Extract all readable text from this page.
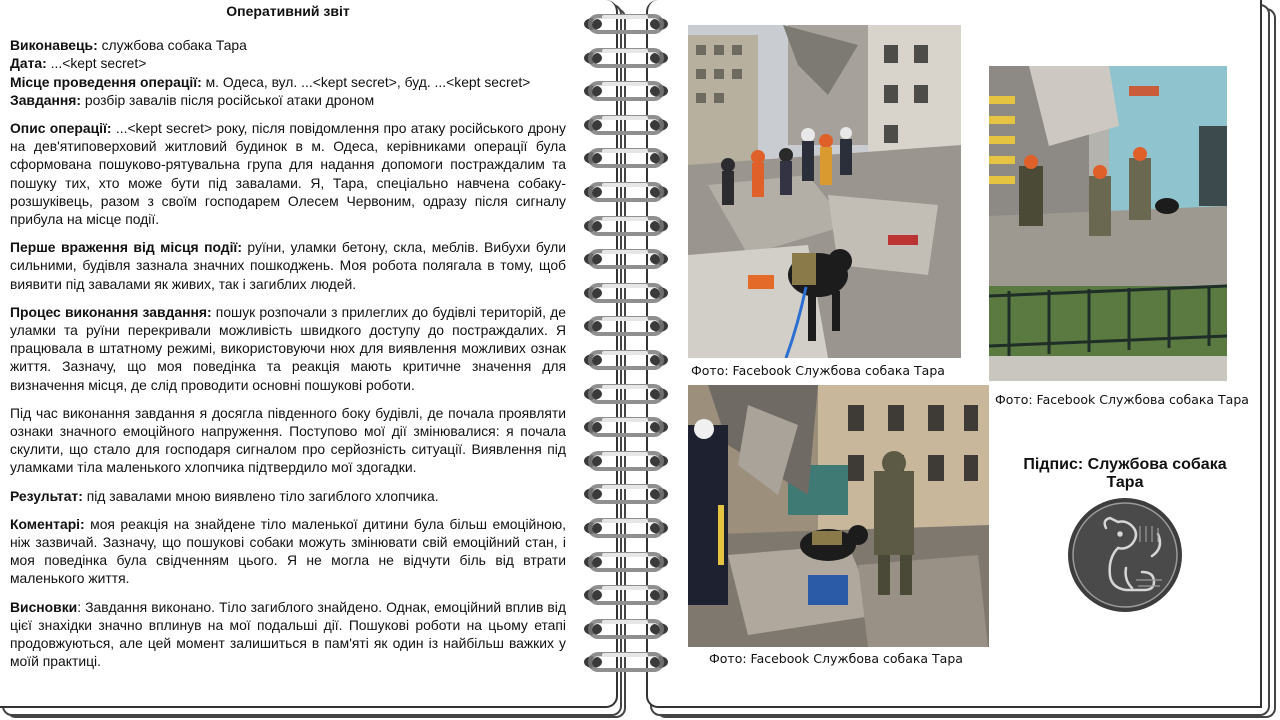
Оперативний звіт

Виконавець: службова собака Тара

Дата: ...<kept secret>

Місце проведення операції: м. Одеса, вул. ...<kept secret>, буд. ...<kept secret>

Завдання: розбір завалів після російської атаки дроном

Опис операції: ...<kept secret> року, після повідомлення про атаку російського дрону на дев'ятиповерховий житловий будинок в м. Одеса, керівниками операції була сформована пошуково-рятувальна група для надання допомоги постраждалим та пошуку тих, хто може бути під завалами. Я, Тара, спеціально навчена собаку-розшуківець, разом з своїм господарем Олесем Червоним, одразу після сигналу прибула на місце події.

Перше враження від місця події: руїни, уламки бетону, скла, меблів. Вибухи були сильними, будівля зазнала значних пошкоджень. Моя робота полягала в тому, щоб виявити під завалами як живих, так і загиблих людей.

Процес виконання завдання: пошук розпочали з прилеглих до будівлі територій, де уламки та руїни перекривали можливість швидкого доступу до постраждалих. Я працювала в штатному режимі, використовуючи нюх для виявлення можливих ознак життя. Зазначу, що моя поведінка та реакція мають критичне значення для визначення місця, де слід проводити основні пошукові роботи.

Під час виконання завдання я досягла південного боку будівлі, де почала проявляти ознаки значного емоційного напруження. Поступово мої дії змінювалися: я почала скулити, що стало для господаря сигналом про серйозність ситуації. Виявлення під уламками тіла маленького хлопчика підтвердило мої здогадки.

Результат: під завалами мною виявлено тіло загиблого хлопчика.

Коментарі: моя реакція на знайдене тіло маленької дитини була більш емоційною, ніж зазвичай. Зазначу, що пошукові собаки можуть змінювати свій емоційний стан, і моя поведінка була свідченням цього. Я не могла не відчути біль від втрати маленького життя.

Висновки: Завдання виконано. Тіло загиблого знайдено. Однак, емоційний вплив від цієї знахідки значно вплинув на мої подальші дії. Пошукові роботи на цьому етапі продовжуються, але цей момент залишиться в пам'яті як один із найбільш важких у моїй практиці.

Фото: Facebook Службова собака Тара
Фото: Facebook Службова собака Тара
Фото: Facebook Службова собака Тара
Підпис: Службова собака Тара
